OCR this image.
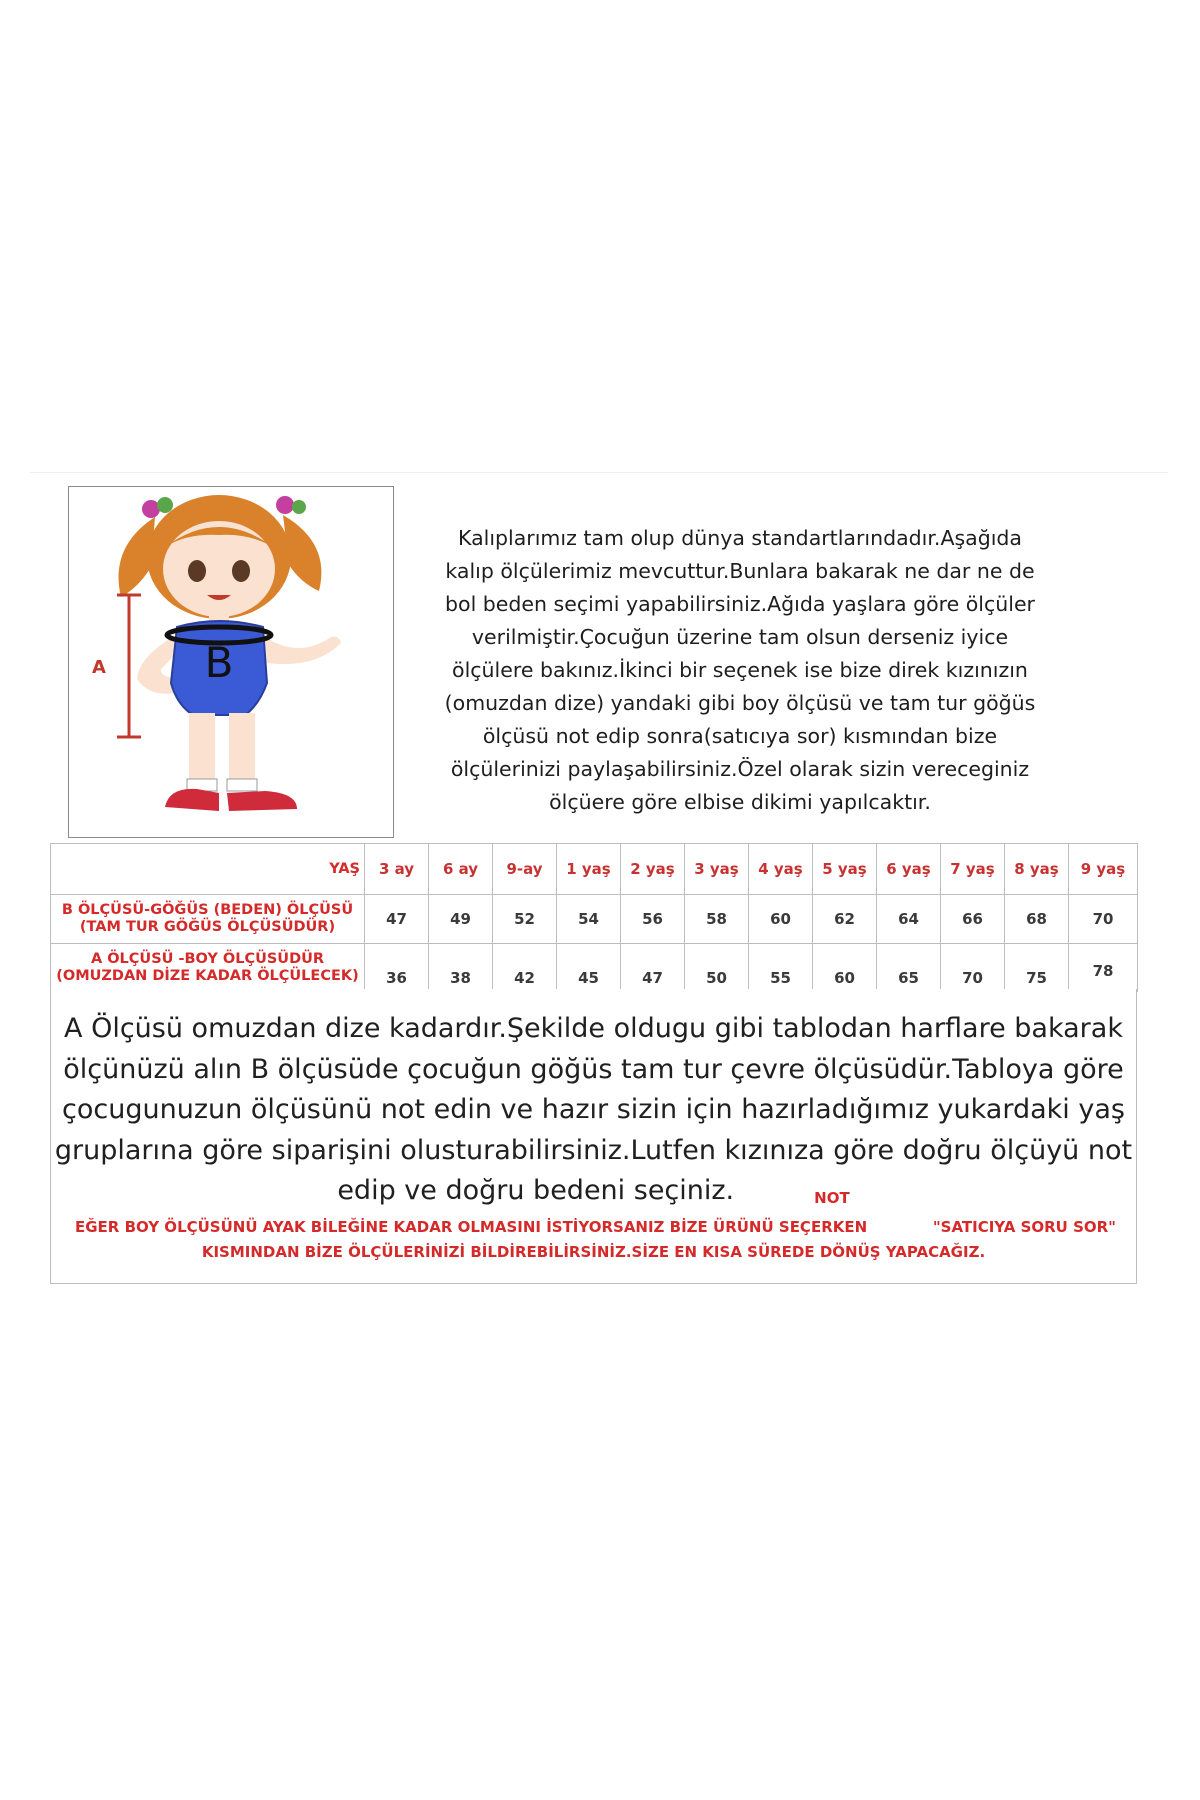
B
A
Kalıplarımız tam olup dünya standartlarındadır.Aşağıda kalıp ölçülerimiz mevcuttur.Bunlara bakarak ne dar ne de bol beden seçimi yapabilirsiniz.Ağıda yaşlara göre ölçüler verilmiştir.Çocuğun üzerine tam olsun derseniz iyice ölçülere bakınız.İkinci bir seçenek ise bize direk kızınızın (omuzdan dize) yandaki gibi boy ölçüsü ve tam tur göğüs ölçüsü not edip sonra(satıcıya sor) kısmından bize ölçülerinizi paylaşabilirsiniz.Özel olarak sizin vereceginiz ölçüere göre elbise dikimi yapılcaktır.
YAŞ	3 ay	6 ay	9-ay	1 yaş	2 yaş	3 yaş	4 yaş	5 yaş	6 yaş	7 yaş	8 yaş	9 yaş

B ÖLÇÜSÜ-GÖĞÜS (BEDEN) ÖLÇÜSÜ
(TAM TUR GÖĞÜS ÖLÇÜSÜDÜR)	47	49	52	54	56	58	60	62	64	66	68	70

A ÖLÇÜSÜ -BOY ÖLÇÜSÜDÜR
(OMUZDAN DİZE KADAR ÖLÇÜLECEK)	36	38	42	45	47	50	55	60	65	70	75	78
A Ölçüsü omuzdan dize kadardır.Şekilde oldugu gibi tablodan harflare bakarak ölçünüzü alın B ölçüsüde çocuğun göğüs tam tur çevre ölçüsüdür.Tabloya göre çocugunuzun ölçüsünü not edin ve hazır sizin için hazırladığımız yukardaki yaş gruplarına göre siparişini olusturabilirsiniz.Lutfen kızınıza göre doğru ölçüyü not edip ve doğru bedeni seçiniz.	NOT
EĞER BOY ÖLÇÜSÜNÜ AYAK BİLEĞİNE KADAR OLMASINI İSTİYORSANIZ BİZE ÜRÜNÜ SEÇERKEN	"SATICIYA SORU SOR"
KISMINDAN BİZE ÖLÇÜLERİNİZİ BİLDİREBİLİRSİNİZ.SİZE EN KISA SÜREDE DÖNÜŞ YAPACAĞIZ.
